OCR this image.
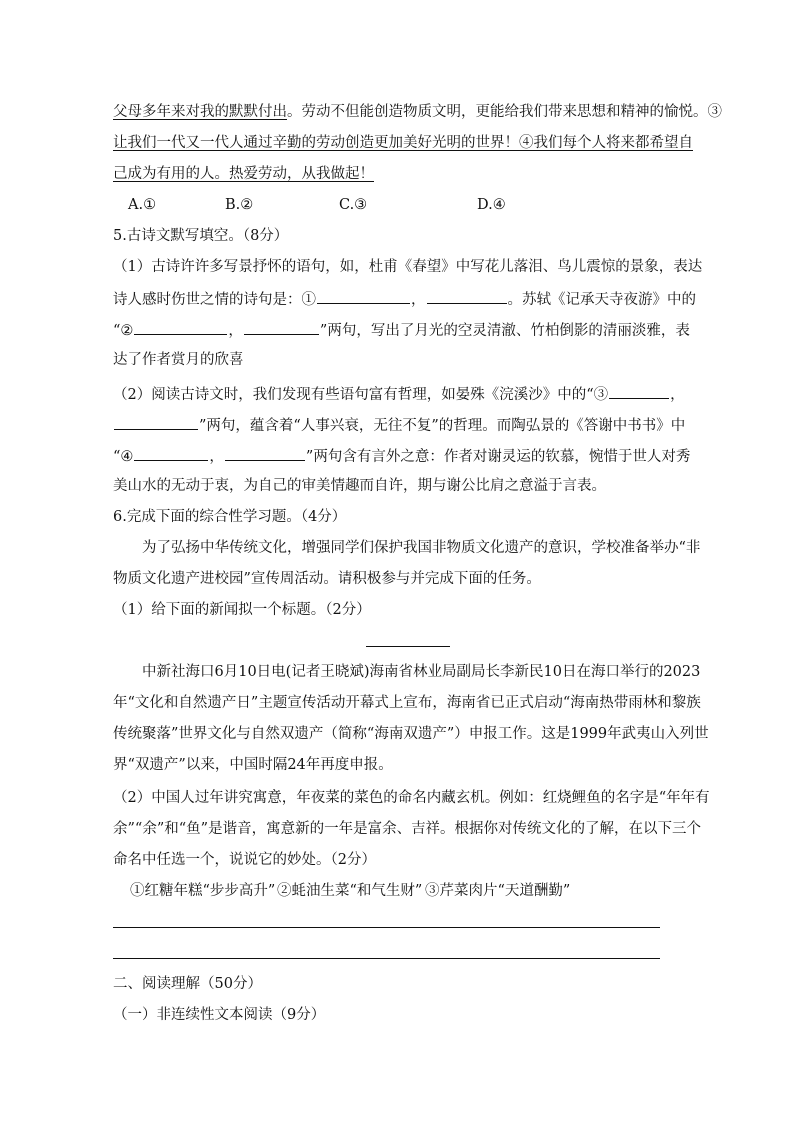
父母多年来对我的默默付出。劳动不但能创造物质文明，更能给我们带来思想和精神的愉悦。③
让我们一代又一代人通过辛勤的劳动创造更加美好光明的世界！④我们每个人将来都希望自
己成为有用的人。热爱劳动，从我做起！
A.①	B.②	C.③	D.④
5.古诗文默写填空。（8分）
（1）古诗许许多写景抒怀的语句，如，杜甫《春望》中写花儿落泪、鸟儿震惊的景象，表达
诗人感时伤世之情的诗句是：①	，	。苏轼《记承天寺夜游》中的
“②	，	”两句，写出了月光的空灵清澈、竹柏倒影的清丽淡雅，表
达了作者赏月的欣喜
（2）阅读古诗文时，我们发现有些语句富有哲理，如晏殊《浣溪沙》中的“③	，
”两句，蕴含着“人事兴衰，无往不复”的哲理。而陶弘景的《答谢中书书》中
“④	，	”两句含有言外之意：作者对谢灵运的钦慕，惋惜于世人对秀
美山水的无动于衷，为自己的审美情趣而自许，期与谢公比肩之意溢于言表。
6.完成下面的综合性学习题。（4分）
为了弘扬中华传统文化，增强同学们保护我国非物质文化遗产的意识，学校准备举办“非
物质文化遗产进校园”宣传周活动。请积极参与并完成下面的任务。
（1）给下面的新闻拟一个标题。（2分）
中新社海口6月10日电(记者王晓斌)海南省林业局副局长李新民10日在海口举行的2023
年“文化和自然遗产日”主题宣传活动开幕式上宣布，海南省已正式启动“海南热带雨林和黎族
传统聚落”世界文化与自然双遗产（简称“海南双遗产”）申报工作。这是1999年武夷山入列世
界“双遗产”以来，中国时隔24年再度申报。
（2）中国人过年讲究寓意，年夜菜的菜色的命名内藏玄机。例如：红烧鲤鱼的名字是“年年有
余”“余”和“鱼”是谐音，寓意新的一年是富余、吉祥。根据你对传统文化的了解，在以下三个
命名中任选一个，说说它的妙处。（2分）
①红糖年糕“步步高升” ②蚝油生菜“和气生财” ③芹菜肉片“天道酬勤”
二、阅读理解（50分）
（一）非连续性文本阅读（9分）
